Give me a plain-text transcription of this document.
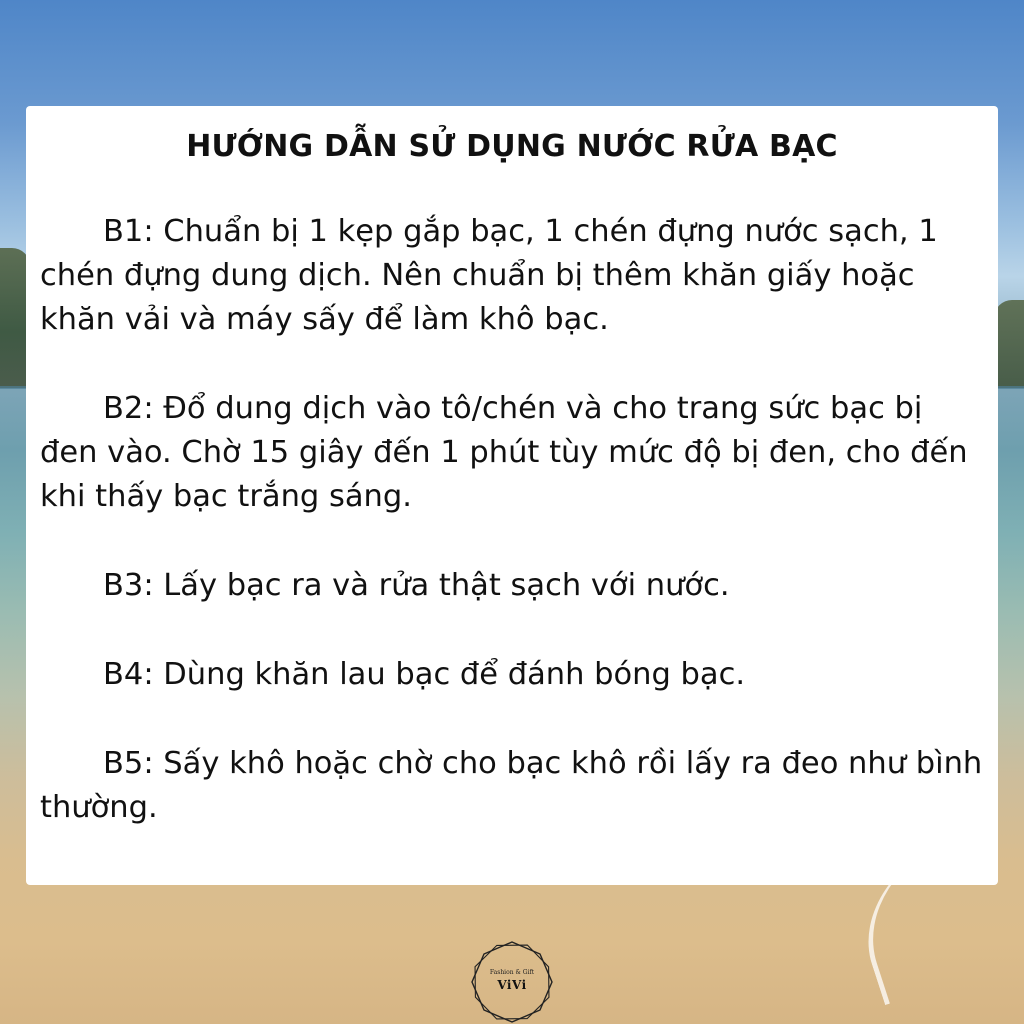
HƯỚNG DẪN SỬ DỤNG NƯỚC RỬA BẠC

B1: Chuẩn bị 1 kẹp gắp bạc, 1 chén đựng nước sạch, 1 chén đựng dung dịch. Nên chuẩn bị thêm khăn giấy hoặc khăn vải và máy sấy để làm khô bạc.

B2: Đổ dung dịch vào tô/chén và cho trang sức bạc bị đen vào. Chờ 15 giây đến 1 phút tùy mức độ bị đen, cho đến khi thấy bạc trắng sáng.

B3: Lấy bạc ra và rửa thật sạch với nước.

B4: Dùng khăn lau bạc để đánh bóng bạc.

B5: Sấy khô hoặc chờ cho bạc khô rồi lấy ra đeo như bình thường.

Fashion & Gift
ViVi
